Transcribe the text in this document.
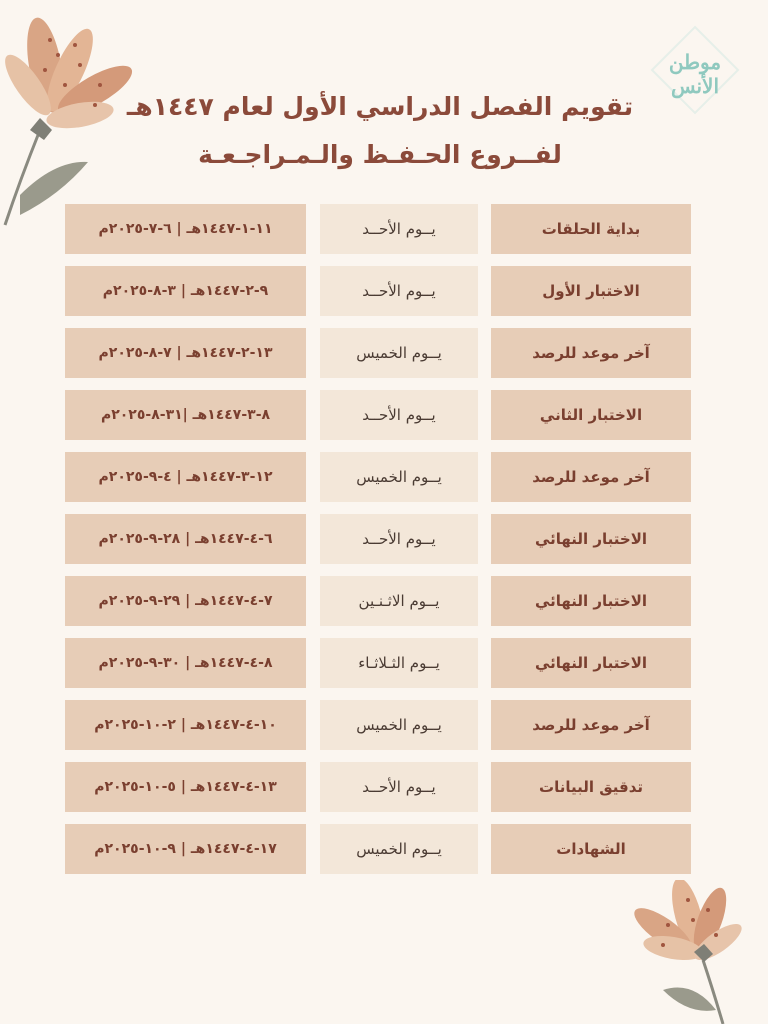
موطن الأنس
تقويم الفصل الدراسي الأول لعام ١٤٤٧هـ
لفــروع الحـفـظ والـمـراجـعـة
بداية الحلقات
يــوم الأحــد
١١-١-١٤٤٧هـ | ٦-٧-٢٠٢٥م
الاختبار الأول
يــوم الأحــد
٩-٢-١٤٤٧هـ | ٣-٨-٢٠٢٥م
آخر موعد للرصد
يــوم الخميس
١٣-٢-١٤٤٧هـ | ٧-٨-٢٠٢٥م
الاختبار الثاني
يــوم الأحــد
٨-٣-١٤٤٧هـ |٣١-٨-٢٠٢٥م
آخر موعد للرصد
يــوم الخميس
١٢-٣-١٤٤٧هـ | ٤-٩-٢٠٢٥م
الاختبار النهائي
يــوم الأحــد
٦-٤-١٤٤٧هـ | ٢٨-٩-٢٠٢٥م
الاختبار النهائي
يــوم الاثـنـين
٧-٤-١٤٤٧هـ | ٢٩-٩-٢٠٢٥م
الاختبار النهائي
يــوم الثـلاثـاء
٨-٤-١٤٤٧هـ | ٣٠-٩-٢٠٢٥م
آخر موعد للرصد
يــوم الخميس
١٠-٤-١٤٤٧هـ | ٢-١٠-٢٠٢٥م
تدقيق البيانات
يــوم الأحــد
١٣-٤-١٤٤٧هـ | ٥-١٠-٢٠٢٥م
الشهادات
يــوم الخميس
١٧-٤-١٤٤٧هـ | ٩-١٠-٢٠٢٥م
